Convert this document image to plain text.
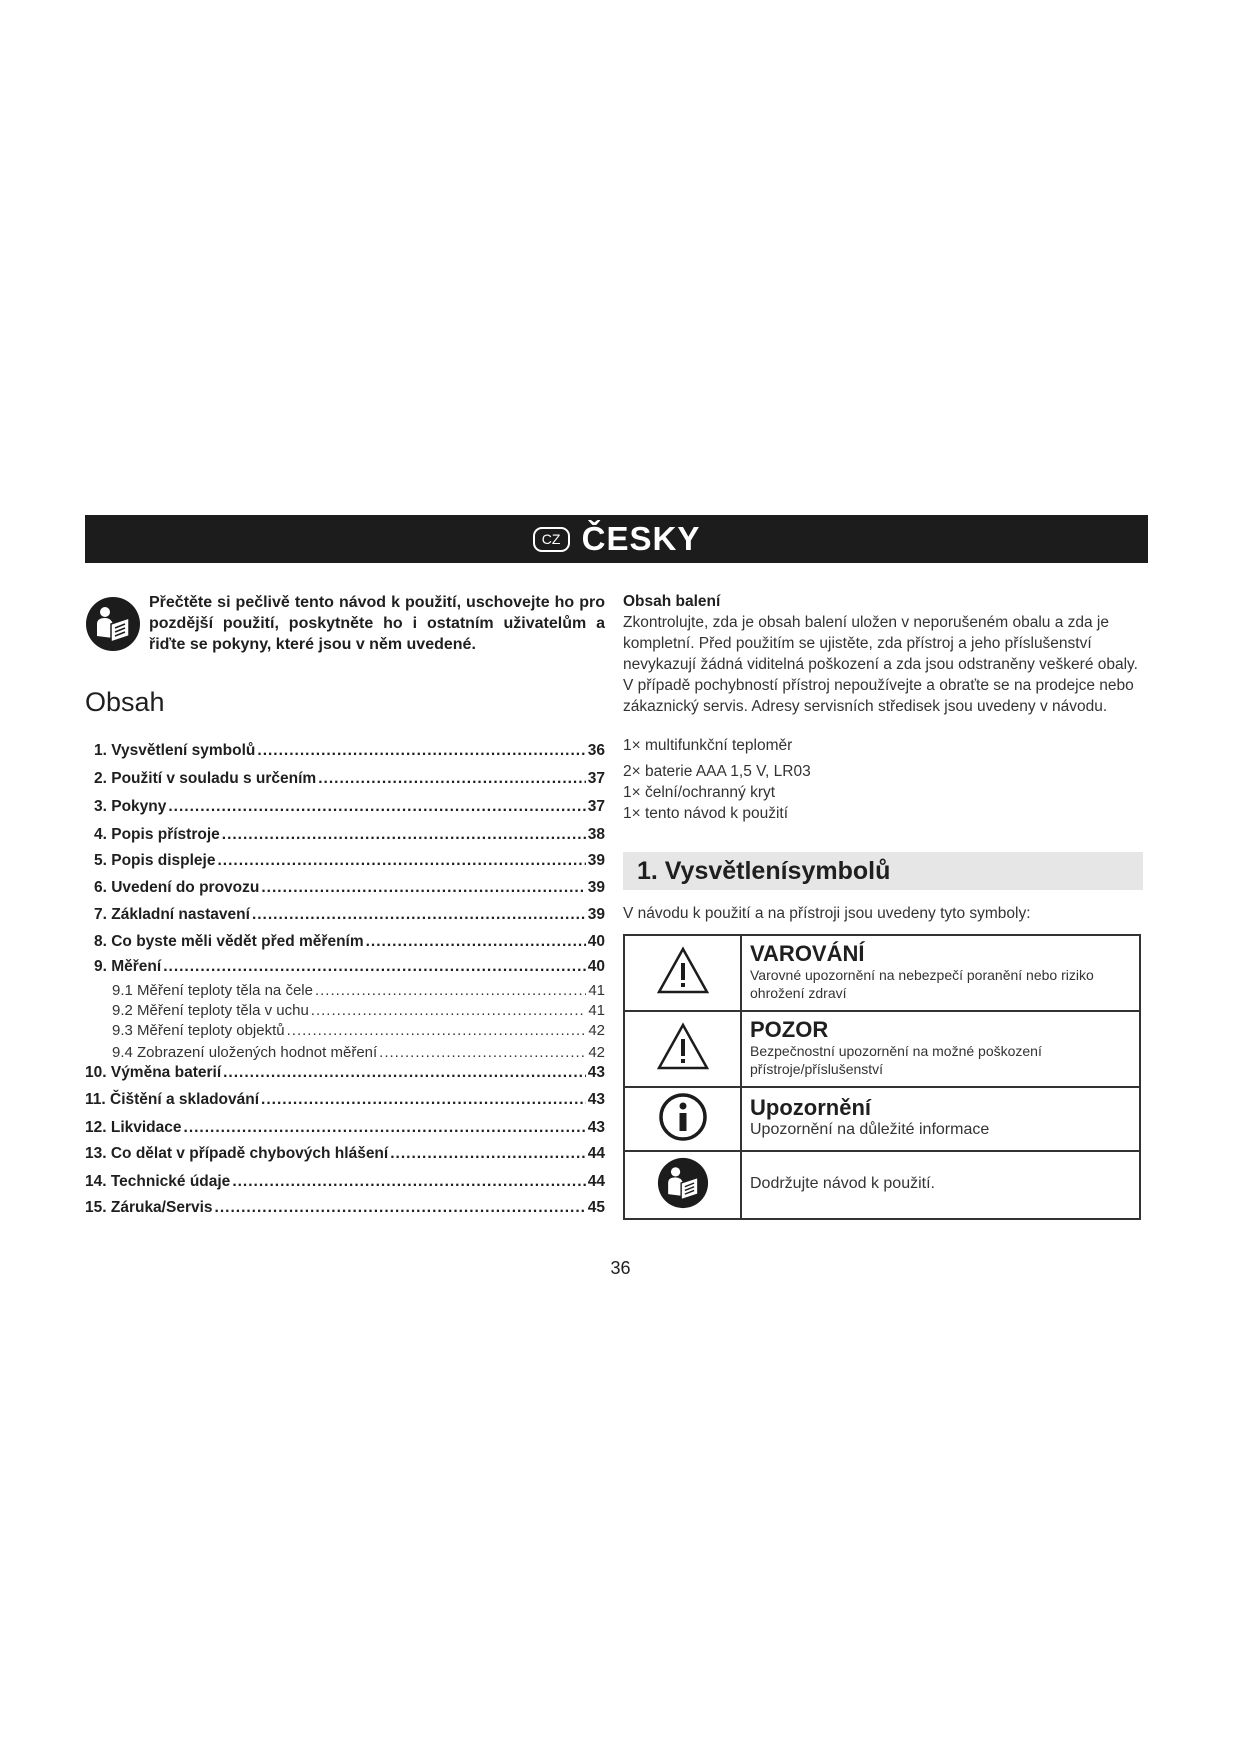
CZ ČESKY
Přečtěte si pečlivě tento návod k použití, uschovejte ho pro pozdější použití, poskytněte ho i ostatním uživatelům a řiďte se pokyny, které jsou v něm uvedené.
Obsah
1. Vysvětlení symbolů .....	36
2. Použití v souladu s určením .....	37
3. Pokyny .....	37
4. Popis přístroje .....	38
5. Popis displeje .....	39
6. Uvedení do provozu .....	39
7. Základní nastavení .....	39
8. Co byste měli vědět před měřením .....	40
9. Měření .....	40
9.1 Měření teploty těla na čele .....	41
9.2 Měření teploty těla v uchu .....	41
9.3 Měření teploty objektů .....	42
9.4 Zobrazení uložených hodnot měření .....	42
10. Výměna baterií .....	43
11. Čištění a skladování .....	43
12. Likvidace .....	43
13. Co dělat v případě chybových hlášení .....	44
14. Technické údaje .....	44
15. Záruka/Servis .....	45

Obsah balení

Zkontrolujte, zda je obsah balení uložen v neporušeném obalu a zda je kompletní. Před použitím se ujistěte, zda přístroj a jeho příslušenství nevykazují žádná viditelná poškození a zda jsou odstraněny veškeré obaly. V případě pochybností přístroj nepoužívejte a obraťte se na prodejce nebo zákaznický servis. Adresy servisních středisek jsou uvedeny v návodu.

1× multifunkční teploměr
2× baterie AAA 1,5 V, LR03
1× čelní/ochranný kryt
1× tento návod k použití
1. Vysvětlenísymbolů

V návodu k použití a na přístroji jsou uvedeny tyto symboly:

VAROVÁNÍ
Varovné upozornění na nebezpečí poranění nebo riziko ohrožení zdraví

POZOR
Bezpečnostní upozornění na možné poškození přístroje/příslušenství

Upozornění
Upozornění na důležité informace

Dodržujte návod k použití.
36
